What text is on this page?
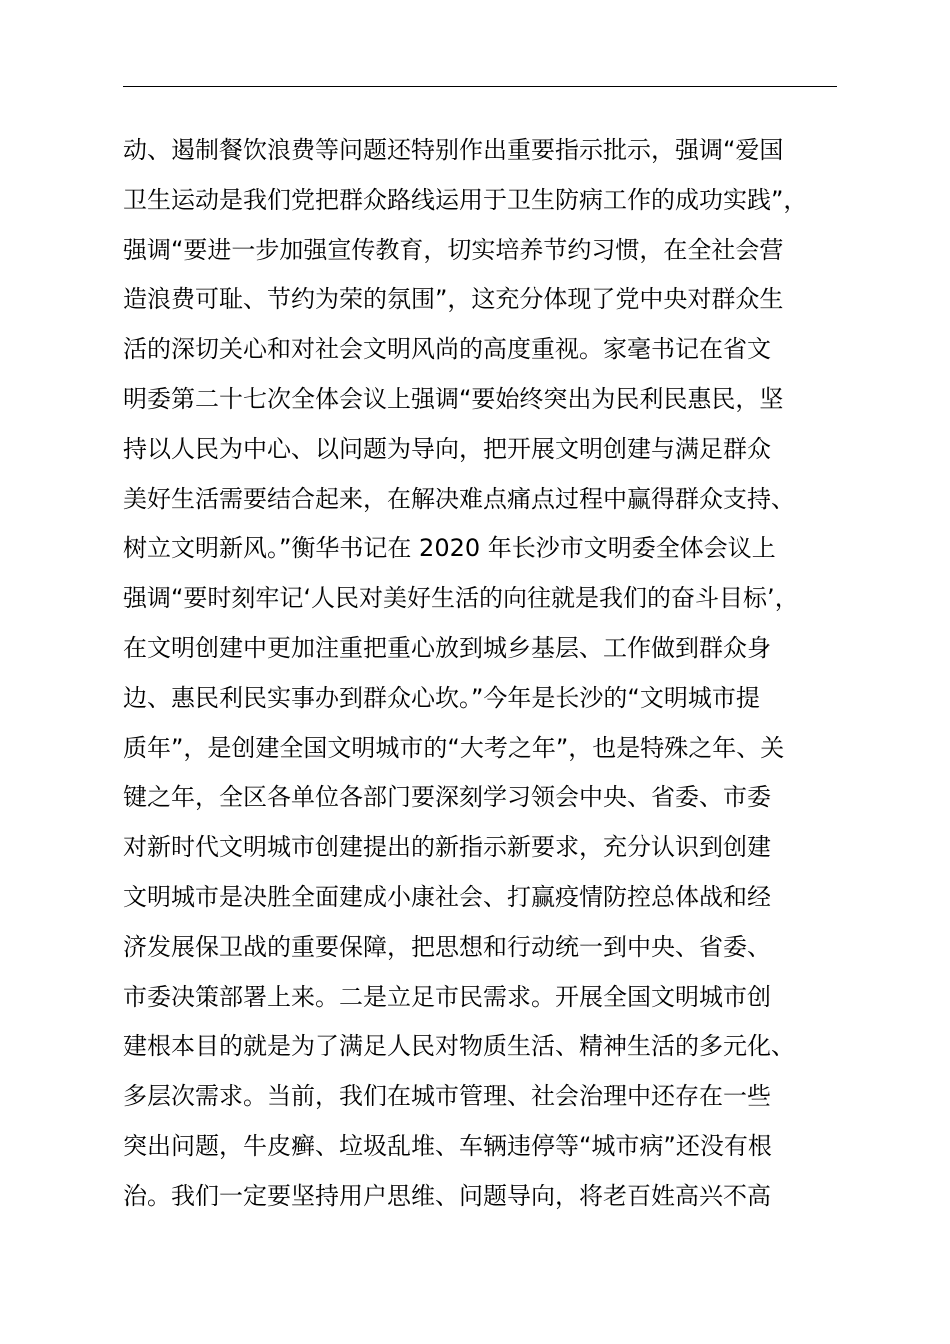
动、遏制餐饮浪费等问题还特别作出重要指示批示，强调“爱国
卫生运动是我们党把群众路线运用于卫生防病工作的成功实践”，
强调“要进一步加强宣传教育，切实培养节约习惯，在全社会营
造浪费可耻、节约为荣的氛围”，这充分体现了党中央对群众生
活的深切关心和对社会文明风尚的高度重视。家毫书记在省文
明委第二十七次全体会议上强调“要始终突出为民利民惠民，坚
持以人民为中心、以问题为导向，把开展文明创建与满足群众
美好生活需要结合起来，在解决难点痛点过程中赢得群众支持、
树立文明新风。”衡华书记在 2020 年长沙市文明委全体会议上
强调“要时刻牢记‘人民对美好生活的向往就是我们的奋斗目标’，
在文明创建中更加注重把重心放到城乡基层、工作做到群众身
边、惠民利民实事办到群众心坎。”今年是长沙的“文明城市提
质年”，是创建全国文明城市的“大考之年”，也是特殊之年、关
键之年，全区各单位各部门要深刻学习领会中央、省委、市委
对新时代文明城市创建提出的新指示新要求，充分认识到创建
文明城市是决胜全面建成小康社会、打赢疫情防控总体战和经
济发展保卫战的重要保障，把思想和行动统一到中央、省委、
市委决策部署上来。二是立足市民需求。开展全国文明城市创
建根本目的就是为了满足人民对物质生活、精神生活的多元化、
多层次需求。当前，我们在城市管理、社会治理中还存在一些
突出问题，牛皮癣、垃圾乱堆、车辆违停等“城市病”还没有根
治。我们一定要坚持用户思维、问题导向，将老百姓高兴不高
